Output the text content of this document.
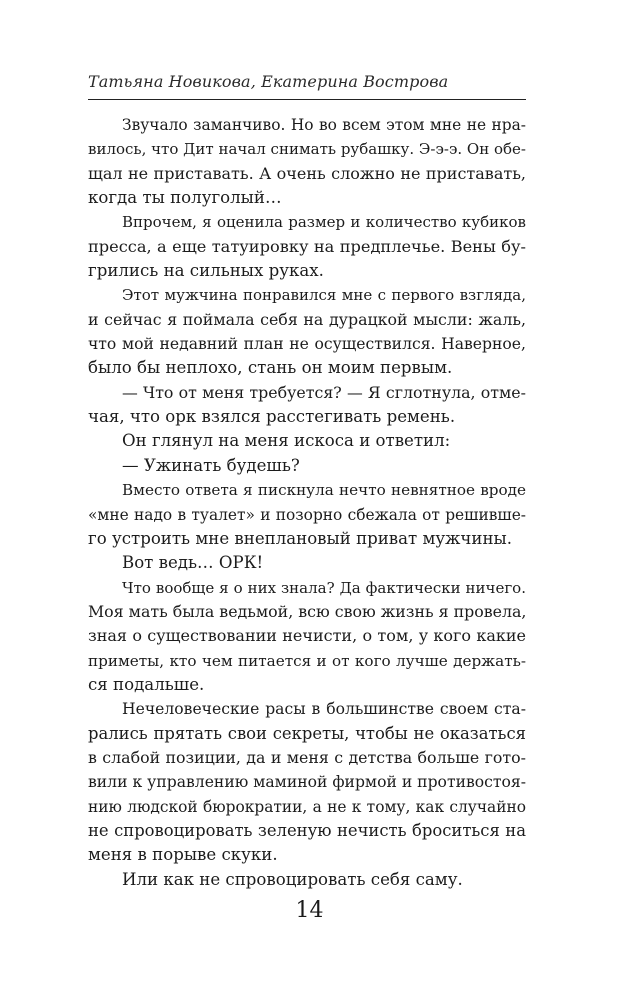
Татьяна Новикова, Екатерина Вострова
Звучало заманчиво. Но во всем этом мне не нра-
вилось, что Дит начал снимать рубашку. Э-э-э. Он обе-
щал не приставать. А очень сложно не приставать,
когда ты полуголый…
Впрочем, я оценила размер и количество кубиков
пресса, а еще татуировку на предплечье. Вены бу-
грились на сильных руках.
Этот мужчина понравился мне с первого взгляда,
и сейчас я поймала себя на дурацкой мысли: жаль,
что мой недавний план не осуществился. Наверное,
было бы неплохо, стань он моим первым.
— Что от меня требуется? — Я сглотнула, отме-
чая, что орк взялся расстегивать ремень.
Он глянул на меня искоса и ответил:
— Ужинать будешь?
Вместо ответа я пискнула нечто невнятное вроде
«мне надо в туалет» и позорно сбежала от решивше-
го устроить мне внеплановый приват мужчины.
Вот ведь… ОРК!
Что вообще я о них знала? Да фактически ничего.
Моя мать была ведьмой, всю свою жизнь я провела,
зная о существовании нечисти, о том, у кого какие
приметы, кто чем питается и от кого лучше держать-
ся подальше.
Нечеловеческие расы в большинстве своем ста-
рались прятать свои секреты, чтобы не оказаться
в слабой позиции, да и меня с детства больше гото-
вили к управлению маминой фирмой и противостоя-
нию людской бюрократии, а не к тому, как случайно
не спровоцировать зеленую нечисть броситься на
меня в порыве скуки.
Или как не спровоцировать себя саму.
14
